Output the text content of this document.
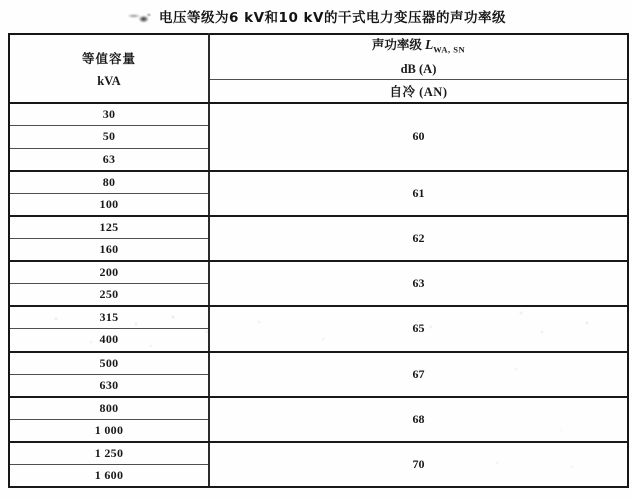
电压等级为6 kV和10 kV的干式电力变压器的声功率级
等值容量
kVA

声功率级 $L_{WA, SN}$
dB (A)

	自冷 (AN)
30	60
50	
63	
80	61
100	
125	62
160	
200	63
250	
315	65
400	
500	67
630	
800	68
1 000	
1 250	70
1 600	
